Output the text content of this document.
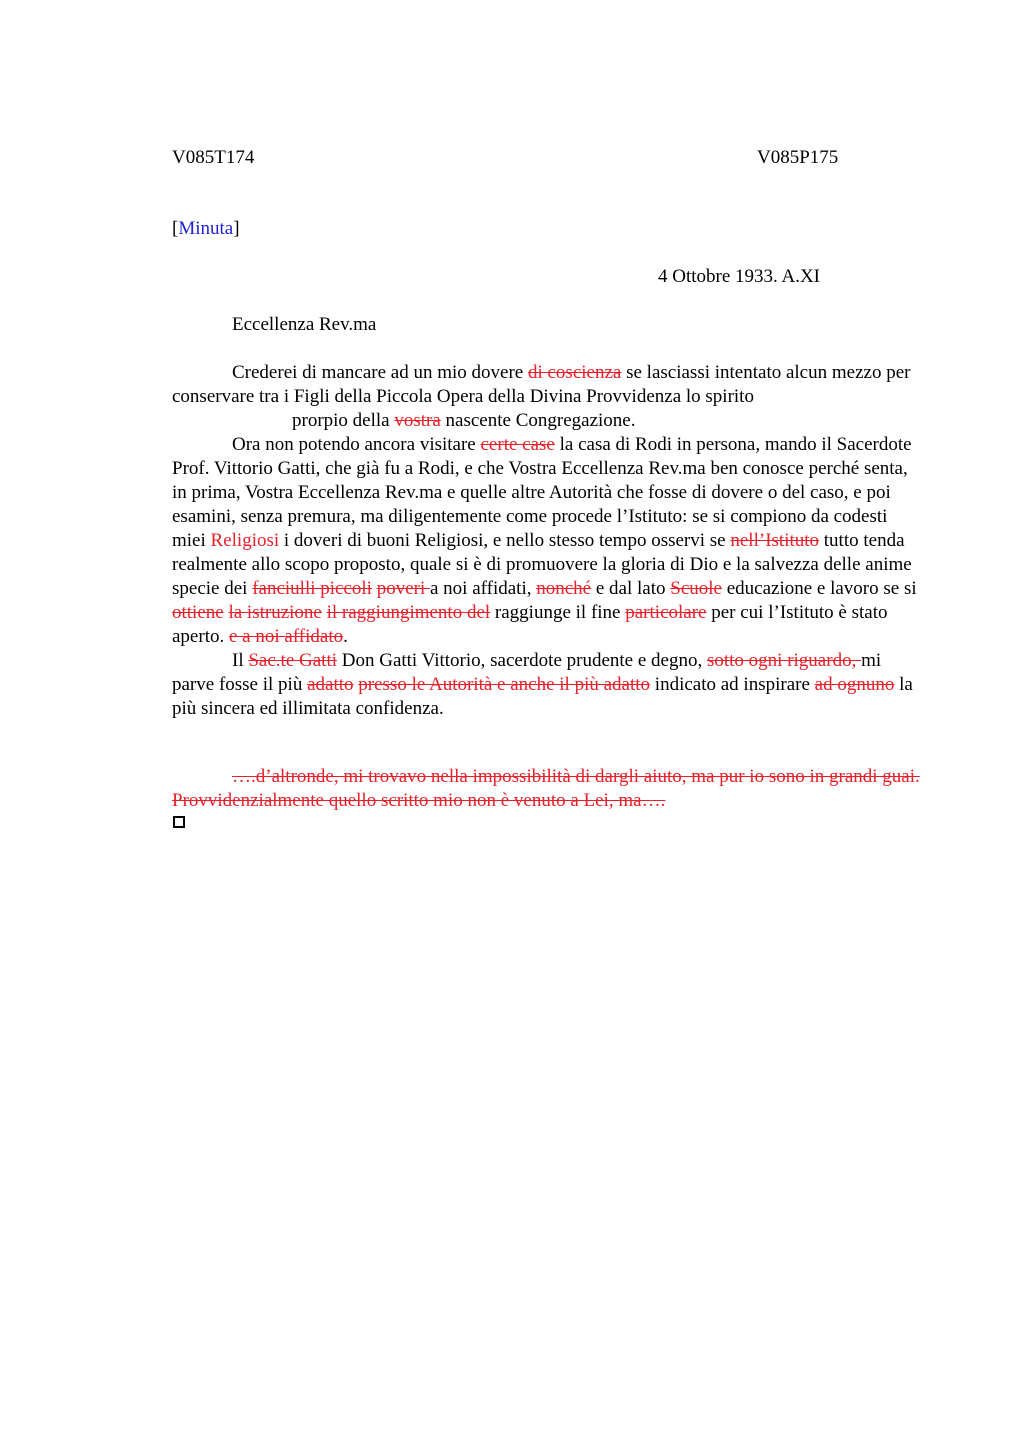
V085T174	V085P175
[Minuta]
4 Ottobre 1933. A.XI
Eccellenza Rev.ma

Crederei di mancare ad un mio dovere di coscienza se lasciassi intentato alcun mezzo per conservare tra i Figli della Piccola Opera della Divina Provvidenza lo spirito
prorpio della vostra nascente Congregazione.

Ora non potendo ancora visitare certe case la casa di Rodi in persona, mando il Sacerdote Prof. Vittorio Gatti, che già fu a Rodi, e che Vostra Eccellenza Rev.ma ben conosce perché senta, in prima, Vostra Eccellenza Rev.ma e quelle altre Autorità che fosse di dovere o del caso, e poi esamini, senza premura, ma diligentemente come procede l’Istituto: se si compiono da codesti miei Religiosi i doveri di buoni Religiosi, e nello stesso tempo osservi se nell’Istituto tutto tenda realmente allo scopo proposto, quale si è di promuovere la gloria di Dio e la salvezza delle anime specie dei fanciulli piccoli poveri a noi affidati, nonché e dal lato Scuole educazione e lavoro se si ottiene la istruzione il raggiungimento del raggiunge il fine particolare per cui l’Istituto è stato aperto. e a noi affidato.

Il Sac.te Gatti Don Gatti Vittorio, sacerdote prudente e degno, sotto ogni riguardo, mi parve fosse il più adatto presso le Autorità e anche il più adatto indicato ad inspirare ad ognuno la più sincera ed illimitata confidenza.

….d’altronde, mi trovavo nella impossibilità di dargli aiuto, ma pur io sono in grandi guai. Provvidenzialmente quello scritto mio non è venuto a Lei, ma….
